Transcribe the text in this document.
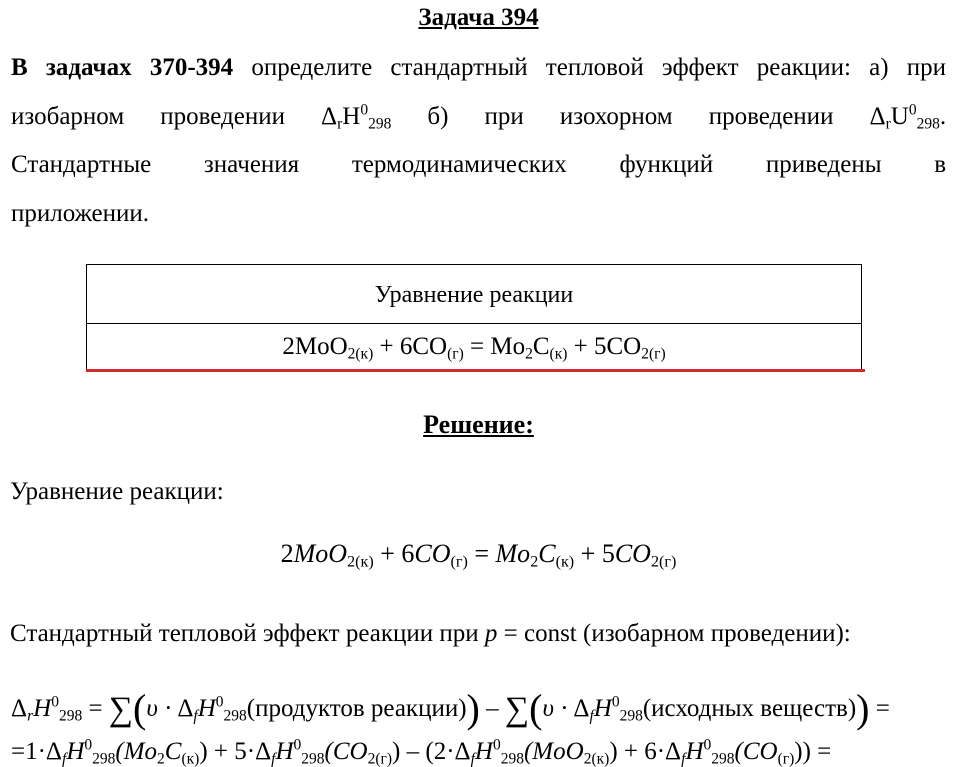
Задача 394
В задачах 370-394 определите стандартный тепловой эффект реакции: а) при
изобарном проведении $\Delta_rH^0_{298}$ б) при изохорном проведении $\Delta_rU^0_{298}$.
Стандартные значения термодинамических функций приведены в
приложении.
Уравнение реакции
$2MoO_{2(к)} + 6CO_{(г)} = Mo_2C_{(к)} + 5CO_{2(г)}$
Решение:
Уравнение реакции:
$2MoO_{2(к)} + 6CO_{(г)} = Mo_2C_{(к)} + 5CO_{2(г)}$
Стандартный тепловой эффект реакции при p = const (изобарном проведении):
$\Delta_rH^0_{298} = \sum(\upsilon$ · $\Delta_fH^0_{298}(продуктов$ реакции)) – $\sum(\upsilon \cdot \Delta_fH^0_{298}(исходных$ веществ)) =
$=1\cdot\Delta_fH^0_{298}(Mo_2C_{(к)}) + 5\cdot\Delta_fH^0_{298}(CO_{2(г)}) - (2\cdot\Delta_fH^0_{298}(MoO_{2(к)}) + 6\cdot\Delta_fH^0_{298}(CO_{(г)}))$ =
